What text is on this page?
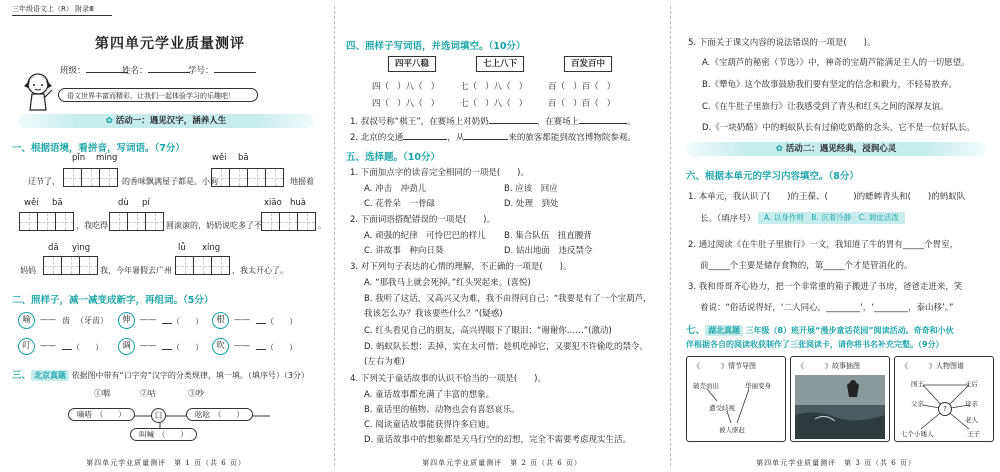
三年级语文上（R） 附录Ⅲ
第四单元学业质量测评
班级：	姓名：	学号：
语文世界丰富而精彩，让我们一起体验学习的乐趣吧！
✿ 活动一：遇见汉字，涵养人生
一、根据语境，看拼音，写词语。（7分）
pǐn míng
迂节了，	的香味飘满屋子都是。小狗
wěi bā
地摇着
wěi bā
，我吃得
dù pí
圆滚滚的，奶奶说吃多了不
xiāo huà
。
dǎ yìng
妈妈	我，今年暑假去广州
lǚ xíng
，我太开心了。
二、照样子，减一减变成新字，再组词。（5分）
喻	—— 齿 （牙齿）	伸	——	（ ）	根	——	（ ）
叮	——	（ ）	调	——	（ ）	吹	——	（ ）
三、 北京真题 依据图中带有“口字旁”汉字的分类规律，填一填。（填序号）（3分）
①咽	②咕	③吵
嘀嗒　（　　）	口	吆吆　（　　）
叫喊　（　　）
第四单元学业质量测评　第 1 页（共 6 页）
四、照样子写词语，并选词填空。（10分）
四平八稳	七上八下	百发百中
四（ ）八（ ） 七（ ）八（ ） 百（ ）百（ ）
四（ ）八（ ） 七（ ）八（ ） 百（ ）百（ ）
1. 叔叔号称“棋王”，在赛场上对奶奶	，在赛场上	。
2. 北京的交通	，从	来的旅客都能到故宫博物院参观。
五、选择题。（10分）
1. 下面加点字的读音完全相同的一项是(　　)。
A. 冲击　冲劲儿	B. 应该　回应
C. 花骨朵　一骨碌	D. 处理　到处
2. 下面词语搭配错误的一项是(　　)。
A. 顽强的纪律　可怜巴巴的样儿 B. 集合队伍　扭直腰背
C. 讲故事　种向日葵	D. 钻出地面　违反禁令
3. 对下列句子表达的心情的理解，不正确的一项是(　　)。
A. “那我马上就会死掉。”红头哭起来。(喜悦)
B. 我听了这话，又高兴又为难，我不由得问自己：“我要是有了一个宝葫芦，我该怎么办？我该要些什么？”(疑惑)
C. 红头看见自己的朋友，高兴得眼下了眼泪：“谢谢你……”(激动)
D. 蚂蚁队长想：丢掉，实在太可惜；趁机吃掉它，又要犯不许偷吃的禁令。(左右为难)
4. 下列关于童话故事的认识不恰当的一项是(　　)。
A. 童话故事都充满了丰富的想象。
B. 童话里的植物、动物也会有喜怒哀乐。
C. 阅读童话故事能获得许多启迪。
D. 童话故事中的想象都是天马行空的幻想，完全不需要考虑现实生活。
第四单元学业质量测评　第 2 页（共 6 页）
5. 下面关于课文内容的说法错误的一项是(　　)。
A.《宝葫芦的秘密（节选）》中，神奇的宝葫芦能满足主人的一切愿望。
B.《犟龟》这个故事鼓励我们要有坚定的信念和毅力，不轻易放弃。
C.《在牛肚子里旅行》让我感受到了青头和红头之间的深厚友谊。
D.《一块奶酪》中的蚂蚁队长有过偷吃奶酪的念头，它不是一位好队长。
✿ 活动二：遇见经典，浸润心灵
六、根据本单元的学习内容填空。（8分）
1. 本单元，我认识了(　　)的王葆、(　　　)的蟋蟀青头和(　　)的蚂蚁队
长。（填序号）	A. 以身作则　 B. 沉着冷静　 C. 调皮活泼
2. 通过阅读《在牛肚子里旅行》一文，我知道了牛的胃有_____个胃室，
前_____个主要是储存食物的，第_____个才是管消化的。
3. 我和哥哥齐心协力，把一个非常重的箱子搬进了书房，爸爸走进来，笑
着说：“俗话说得好，‘二人同心，________’，‘________，泰山移’。”
七、 湖北真题 三年级（8）班开展“漫步童话花园”阅读活动。奇奇和小伙
伴根据各自的阅读收获制作了三张阅读卡，请你将书名补充完整。（9分）
《　　　》情节导图
破壳而出	华丽变身
遭受歧视
被人驱赶
《　　　》故事插图	《　　　》人物图谱
国王	王后
父亲	母亲
?
七个小矮人	王子
老人
第四单元学业质量测评　第 3 页（共 6 页）
